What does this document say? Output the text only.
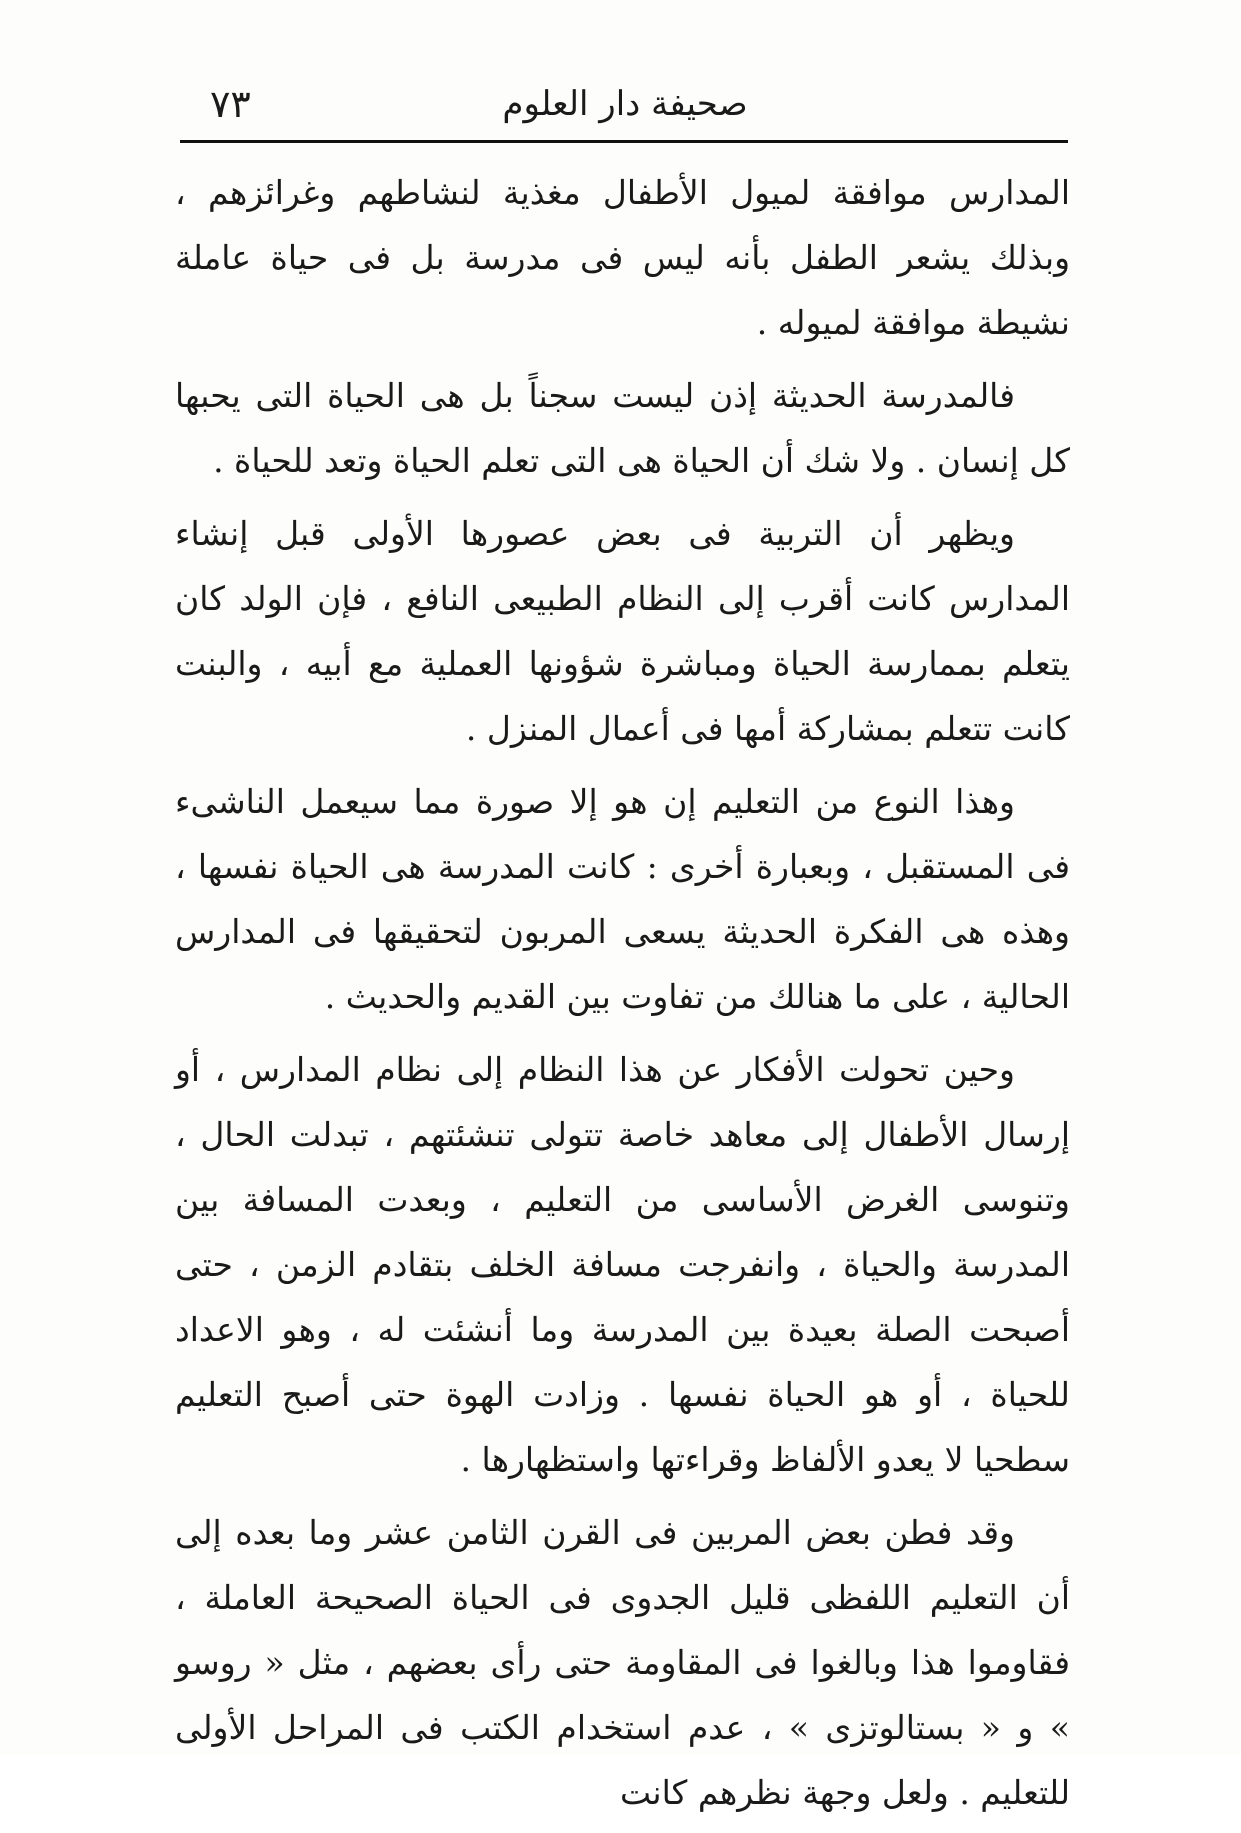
صحيفة دار العلوم
٧٣

المدارس موافقة لميول الأطفال مغذية لنشاطهم وغرائزهم ، وبذلك يشعر الطفل بأنه ليس فى مدرسة بل فى حياة عاملة نشيطة موافقة لميوله .

فالمدرسة الحديثة إذن ليست سجناً بل هى الحياة التى يحبها كل إنسان . ولا شك أن الحياة هى التى تعلم الحياة وتعد للحياة .

ويظهر أن التربية فى بعض عصورها الأولى قبل إنشاء المدارس كانت أقرب إلى النظام الطبيعى النافع ، فإن الولد كان يتعلم بممارسة الحياة ومباشرة شؤونها العملية مع أبيه ، والبنت كانت تتعلم بمشاركة أمها فى أعمال المنزل .

وهذا النوع من التعليم إن هو إلا صورة مما سيعمل الناشىء فى المستقبل ، وبعبارة أخرى : كانت المدرسة هى الحياة نفسها ، وهذه هى الفكرة الحديثة يسعى المربون لتحقيقها فى المدارس الحالية ، على ما هنالك من تفاوت بين القديم والحديث .

وحين تحولت الأفكار عن هذا النظام إلى نظام المدارس ، أو إرسال الأطفال إلى معاهد خاصة تتولى تنشئتهم ، تبدلت الحال ، وتنوسى الغرض الأساسى من التعليم ، وبعدت المسافة بين المدرسة والحياة ، وانفرجت مسافة الخلف بتقادم الزمن ، حتى أصبحت الصلة بعيدة بين المدرسة وما أنشئت له ، وهو الاعداد للحياة ، أو هو الحياة نفسها . وزادت الهوة حتى أصبح التعليم سطحيا لا يعدو الألفاظ وقراءتها واستظهارها .

وقد فطن بعض المربين فى القرن الثامن عشر وما بعده إلى أن التعليم اللفظى قليل الجدوى فى الحياة الصحيحة العاملة ، فقاوموا هذا وبالغوا فى المقاومة حتى رأى بعضهم ، مثل « روسو » و « بستالوتزى » ، عدم استخدام الكتب فى المراحل الأولى للتعليم . ولعل وجهة نظرهم كانت
